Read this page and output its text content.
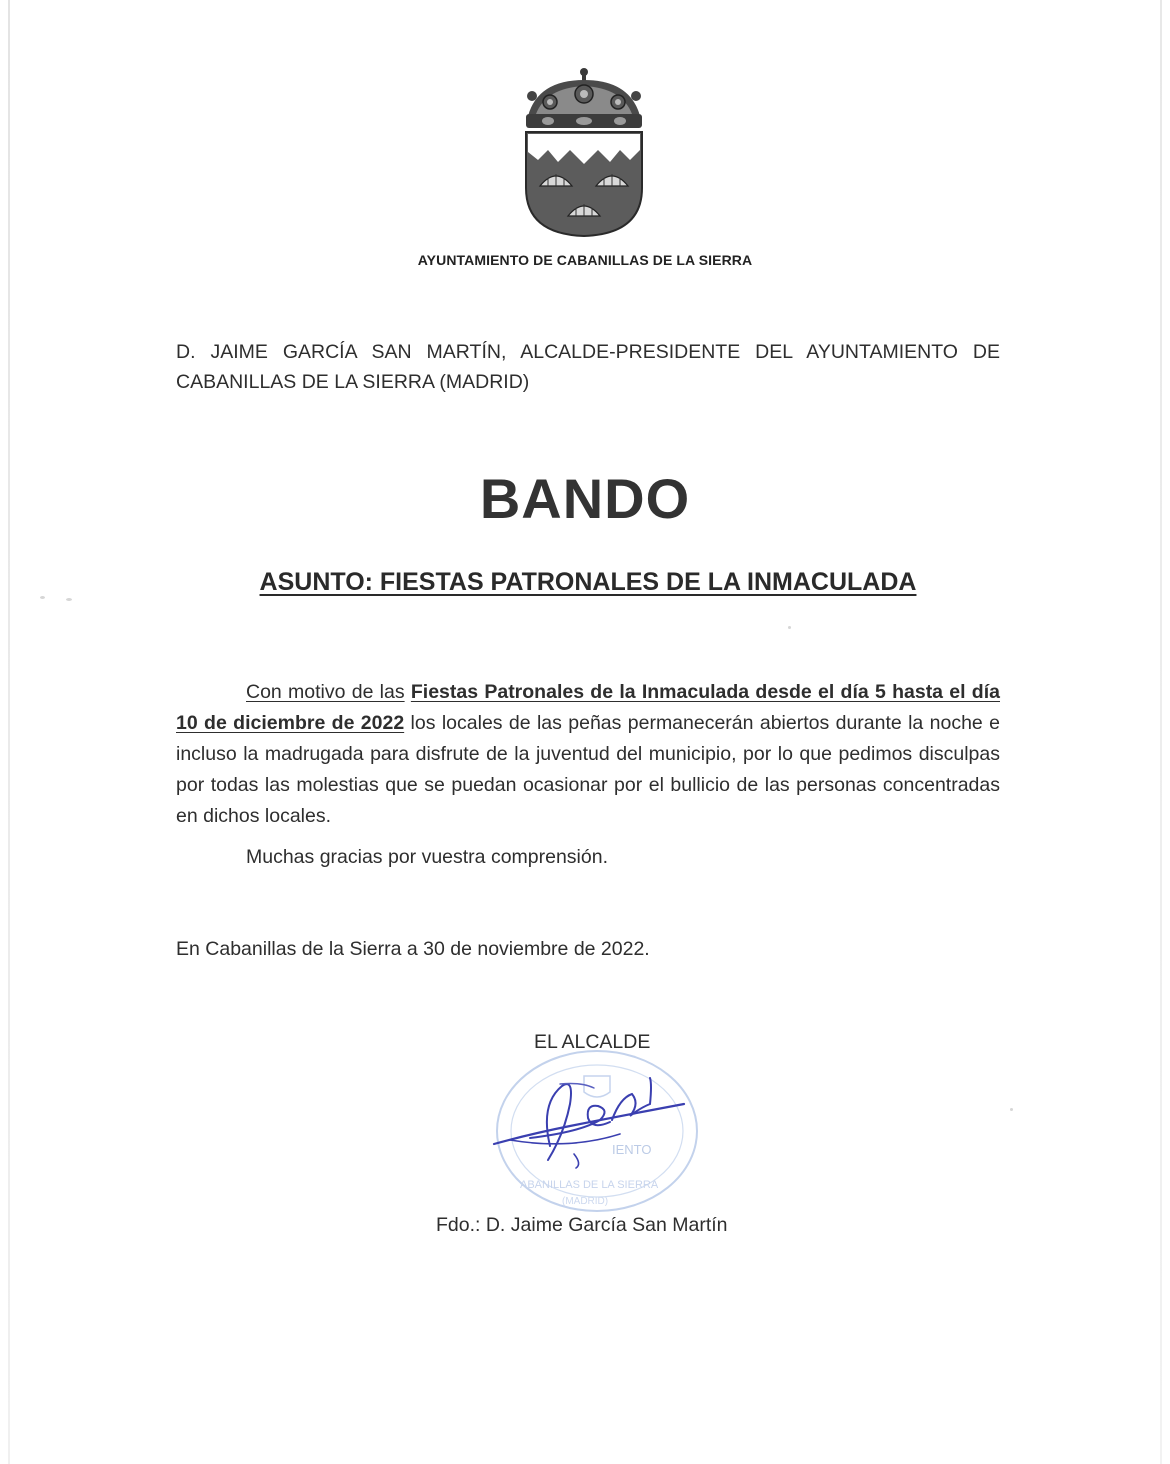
AYUNTAMIENTO DE CABANILLAS DE LA SIERRA
D. JAIME GARCÍA SAN MARTÍN, ALCALDE-PRESIDENTE DEL AYUNTAMIENTO DE CABANILLAS DE LA SIERRA (MADRID)
BANDO
ASUNTO: FIESTAS PATRONALES DE LA INMACULADA
Con motivo de las Fiestas Patronales de la Inmaculada desde el día 5 hasta el día 10 de diciembre de 2022 los locales de las peñas permanecerán abiertos durante la noche e incluso la madrugada para disfrute de la juventud del municipio, por lo que pedimos disculpas por todas las molestias que se puedan ocasionar por el bullicio de las personas concentradas en dichos locales.
Muchas gracias por vuestra comprensión.
En Cabanillas de la Sierra a 30 de noviembre de 2022.
IENTO
ABANILLAS DE LA SIERRA
(MADRID)
EL ALCALDE
Fdo.: D. Jaime García San Martín
